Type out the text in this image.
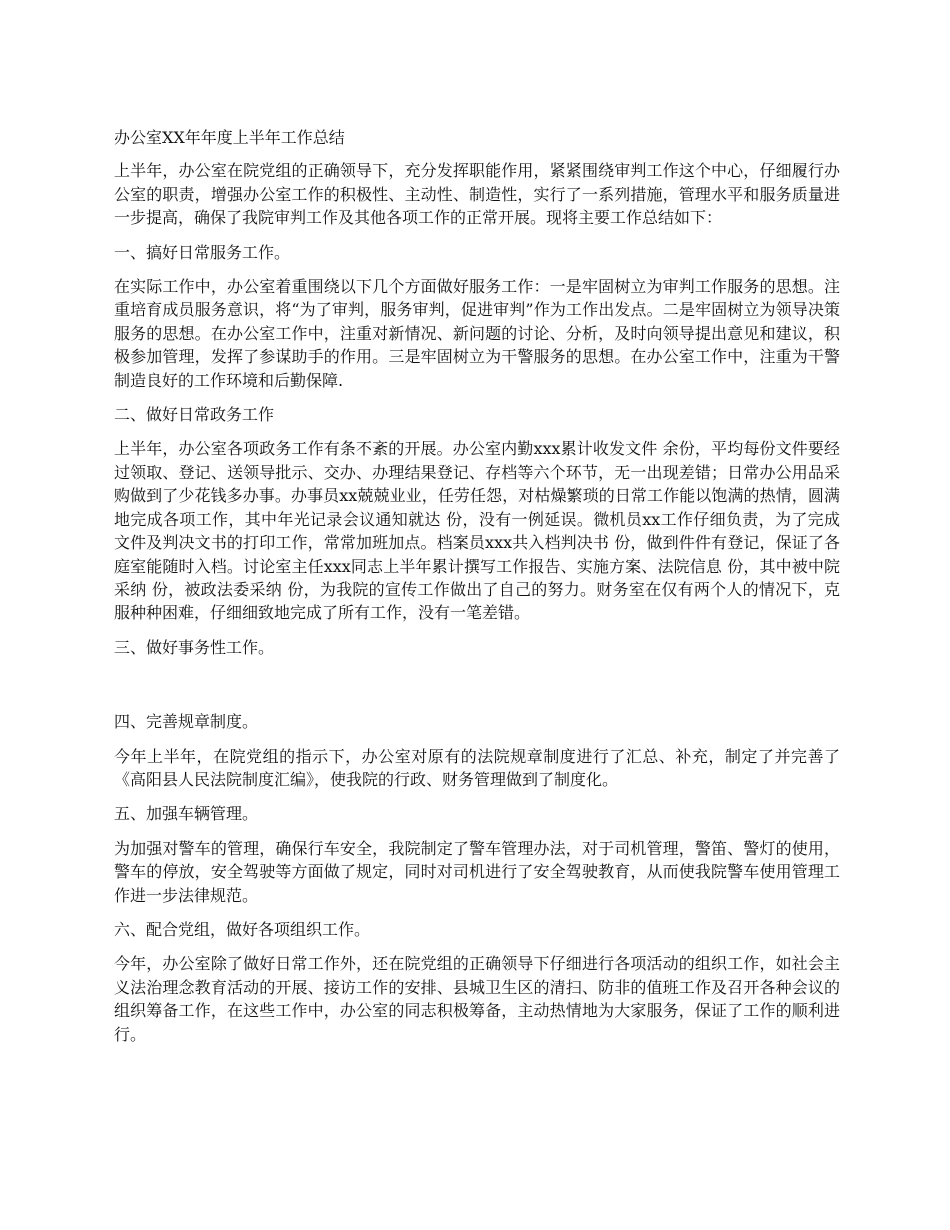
办公室XX年年度上半年工作总结

上半年，办公室在院党组的正确领导下，充分发挥职能作用，紧紧围绕审判工作这个中心，仔细履行办公室的职责，增强办公室工作的积极性、主动性、制造性，实行了一系列措施，管理水平和服务质量进一步提高，确保了我院审判工作及其他各项工作的正常开展。现将主要工作总结如下：

一、搞好日常服务工作。

在实际工作中，办公室着重围绕以下几个方面做好服务工作：一是牢固树立为审判工作服务的思想。注重培育成员服务意识，将“为了审判，服务审判，促进审判”作为工作出发点。二是牢固树立为领导决策服务的思想。在办公室工作中，注重对新情况、新问题的讨论、分析，及时向领导提出意见和建议，积极参加管理，发挥了参谋助手的作用。三是牢固树立为干警服务的思想。在办公室工作中，注重为干警制造良好的工作环境和后勤保障.

二、做好日常政务工作

上半年，办公室各项政务工作有条不紊的开展。办公室内勤xxx累计收发文件 余份，平均每份文件要经过领取、登记、送领导批示、交办、办理结果登记、存档等六个环节，无一出现差错；日常办公用品采购做到了少花钱多办事。办事员xx兢兢业业，任劳任怨，对枯燥繁琐的日常工作能以饱满的热情，圆满地完成各项工作，其中年光记录会议通知就达 份，没有一例延误。微机员xx工作仔细负责，为了完成文件及判决文书的打印工作，常常加班加点。档案员xxx共入档判决书 份，做到件件有登记，保证了各庭室能随时入档。讨论室主任xxx同志上半年累计撰写工作报告、实施方案、法院信息 份，其中被中院采纳 份，被政法委采纳 份，为我院的宣传工作做出了自己的努力。财务室在仅有两个人的情况下，克服种种困难，仔细细致地完成了所有工作，没有一笔差错。

三、做好事务性工作。
四、完善规章制度。

今年上半年，在院党组的指示下，办公室对原有的法院规章制度进行了汇总、补充，制定了并完善了《高阳县人民法院制度汇编》，使我院的行政、财务管理做到了制度化。

五、加强车辆管理。

为加强对警车的管理，确保行车安全，我院制定了警车管理办法，对于司机管理，警笛、警灯的使用，警车的停放，安全驾驶等方面做了规定，同时对司机进行了安全驾驶教育，从而使我院警车使用管理工作进一步法律规范。

六、配合党组，做好各项组织工作。

今年，办公室除了做好日常工作外，还在院党组的正确领导下仔细进行各项活动的组织工作，如社会主义法治理念教育活动的开展、接访工作的安排、县城卫生区的清扫、防非的值班工作及召开各种会议的组织筹备工作，在这些工作中，办公室的同志积极筹备，主动热情地为大家服务，保证了工作的顺利进行。
